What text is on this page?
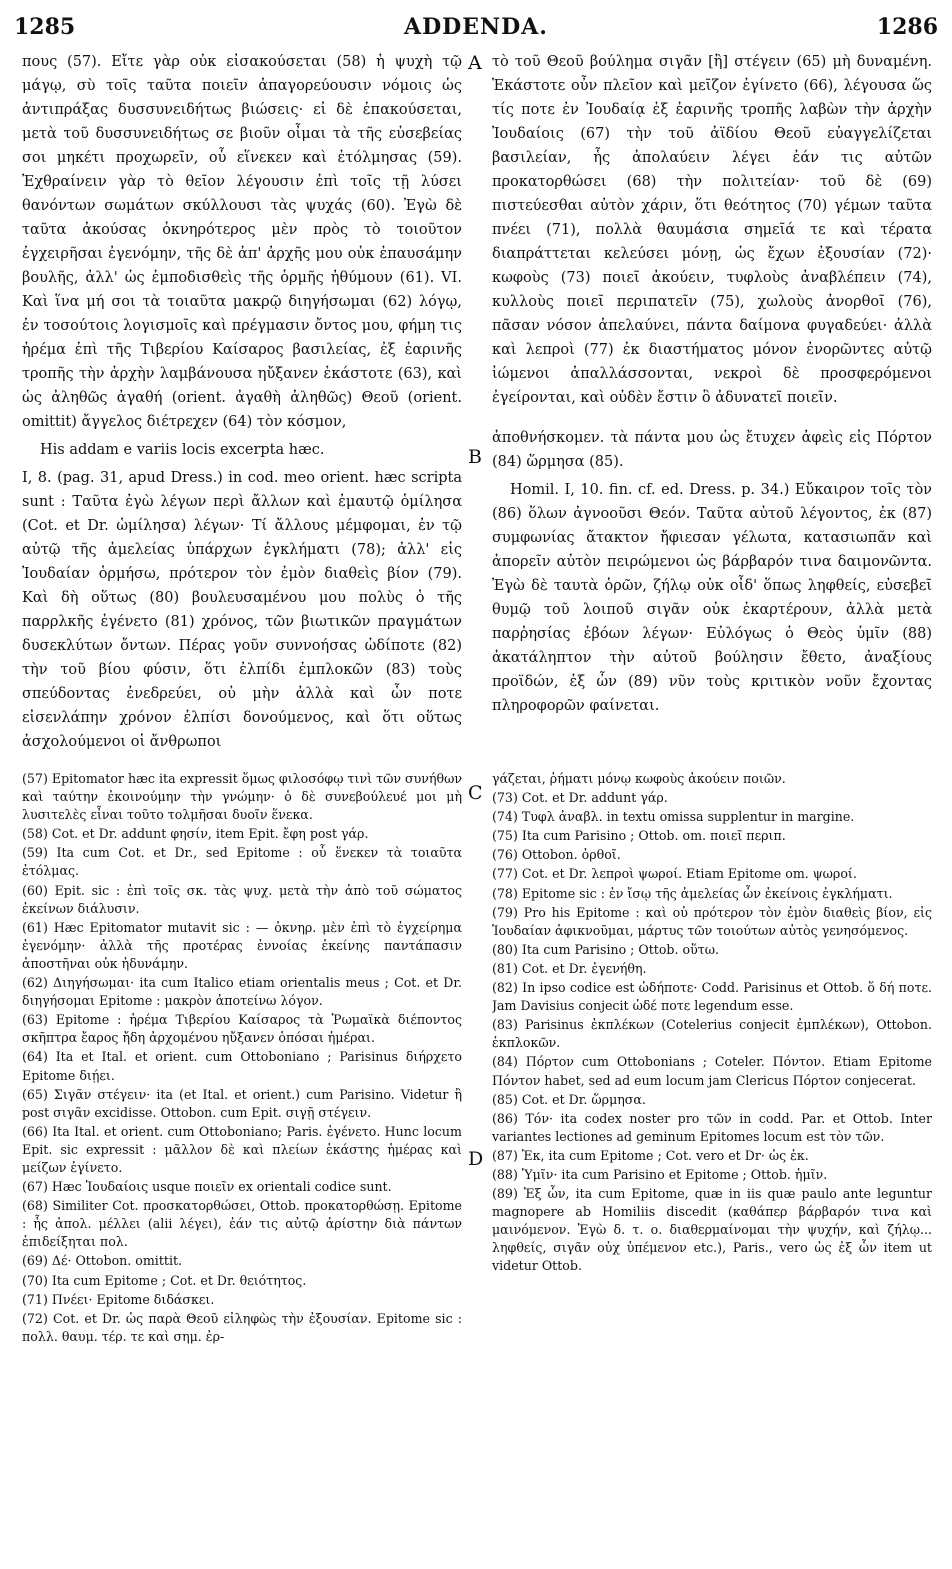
ADDENDA.
1285	1286
A
B
C
D

πους (57). Εἴτε γὰρ οὐκ εἰσακούσεται (58) ἡ ψυχὴ τῷ μάγῳ, σὺ τοῖς ταῦτα ποιεῖν ἀπαγορεύουσιν νόμοις ὡς ἀντιπράξας δυσσυνειδήτως βιώσεις· εἰ δὲ ἐπακούσεται, μετὰ τοῦ δυσσυνειδήτως σε βιοῦν οἶμαι τὰ τῆς εὐσεβείας σοι μηκέτι προχωρεῖν, οὗ εἵνεκεν καὶ ἐτόλμησας (59). Ἐχθραίνειν γὰρ τὸ θεῖον λέγουσιν ἐπὶ τοῖς τῇ λύσει θανόντων σωμάτων σκύλλουσι τὰς ψυχάς (60). Ἐγὼ δὲ ταῦτα ἀκούσας ὀκνηρότερος μὲν πρὸς τὸ τοιοῦτον ἐγχειρῆσαι ἐγενόμην, τῆς δὲ ἀπ' ἀρχῆς μου οὐκ ἐπαυσάμην βουλῆς, ἀλλ' ὡς ἐμποδισθεὶς τῆς ὁρμῆς ἠθύμουν (61). VI. Καὶ ἵνα μή σοι τὰ τοιαῦτα μακρῷ διηγήσωμαι (62) λόγῳ, ἐν τοσούτοις λογισμοῖς καὶ πρέγμασιν ὄντος μου, φήμη τις ἠρέμα ἐπὶ τῆς Τιβερίου Καίσαρος βασιλείας, ἐξ ἐαρινῆς τροπῆς τὴν ἀρχὴν λαμβάνουσα ηὔξανεν ἑκάστοτε (63), καὶ ὡς ἀληθῶς ἀγαθή (orient. ἀγαθὴ ἀληθῶς) Θεοῦ (orient. omittit) ἄγγελος διέτρεχεν (64) τὸν κόσμον,

His addam e variis locis excerpta hæc.

I, 8. (pag. 31, apud Dress.) in cod. meo orient. hæc scripta sunt : Ταῦτα ἐγὼ λέγων περὶ ἄλλων καὶ ἐμαυτῷ ὁμίλησα (Cot. et Dr. ὡμίλησα) λέγων· Τί ἄλλους μέμφομαι, ἐν τῷ αὐτῷ τῆς ἀμελείας ὑπάρχων ἐγκλήματι (78); ἀλλ' εἰς Ἰουδαίαν ὁρμήσω, πρότερον τὸν ἐμὸν διαθεὶς βίον (79). Καὶ δὴ οὕτως (80) βουλευσαμένου μου πολὺς ὁ τῆς παρρλκῆς ἐγένετο (81) χρόνος, τῶν βιωτικῶν πραγμάτων δυσεκλύτων ὄντων. Πέρας γοῦν συννοήσας ὠδίποτε (82) τὴν τοῦ βίου φύσιν, ὅτι ἐλπίδι ἐμπλοκῶν (83) τοὺς σπεύδοντας ἐνεδρεύει, οὐ μὴν ἀλλὰ καὶ ὧν ποτε εἰσενλάπην χρόνον ἐλπίσι δονούμενος, καὶ ὅτι οὕτως ἀσχολούμενοι οἱ ἄνθρωποι

τὸ τοῦ Θεοῦ βούλημα σιγᾶν [ἢ] στέγειν (65) μὴ δυναμένη. Ἑκάστοτε οὖν πλεῖον καὶ μεῖζον ἐγίνετο (66), λέγουσα ὥς τίς ποτε ἐν Ἰουδαίᾳ ἐξ ἐαρινῆς τροπῆς λαβὼν τὴν ἀρχὴν Ἰουδαίοις (67) τὴν τοῦ ἀϊδίου Θεοῦ εὐαγγελίζεται βασιλείαν, ἧς ἀπολαύειν λέγει ἐάν τις αὐτῶν προκατορθώσει (68) τὴν πολιτείαν· τοῦ δὲ (69) πιστεύεσθαι αὐτὸν χάριν, ὅτι θεότητος (70) γέμων ταῦτα πνέει (71), πολλὰ θαυμάσια σημεῖά τε καὶ τέρατα διαπράττεται κελεύσει μόνῃ, ὡς ἔχων ἐξουσίαν (72)· κωφοὺς (73) ποιεῖ ἀκούειν, τυφλοὺς ἀναβλέπειν (74), κυλλοὺς ποιεῖ περιπατεῖν (75), χωλοὺς ἀνορθοῖ (76), πᾶσαν νόσον ἀπελαύνει, πάντα δαίμονα φυγαδεύει· ἀλλὰ καὶ λεπροὶ (77) ἐκ διαστήματος μόνον ἐνορῶντες αὐτῷ ἰώμενοι ἀπαλλάσσονται, νεκροὶ δὲ προσφερόμενοι ἐγείρονται, καὶ οὐδὲν ἔστιν ὃ ἀδυνατεῖ ποιεῖν.

ἀποθνήσκομεν. τὰ πάντα μου ὡς ἔτυχεν ἀφεὶς εἰς Πόρτον (84) ὥρμησα (85).

Homil. I, 10. fin. cf. ed. Dress. p. 34.) Εὔκαιρον τοῖς τὸν (86) ὅλων ἀγνοοῦσι Θεόν. Ταῦτα αὐτοῦ λέγοντος, ἐκ (87) συμφωνίας ἄτακτον ἤφιεσαν γέλωτα, κατασιωπᾶν καὶ ἀπορεῖν αὐτὸν πειρώμενοι ὡς βάρβαρόν τινα δαιμονῶντα. Ἐγὼ δὲ ταυτὰ ὁρῶν, ζήλῳ οὐκ οἶδ' ὅπως ληφθείς, εὐσεβεῖ θυμῷ τοῦ λοιποῦ σιγᾶν οὐκ ἐκαρτέρουν, ἀλλὰ μετὰ παρῥησίας ἐβόων λέγων· Εὐλόγως ὁ Θεὸς ὑμῖν (88) ἀκατάληπτον τὴν αὐτοῦ βούλησιν ἔθετο, ἀναξίους προϊδών, ἐξ ὧν (89) νῦν τοὺς κριτικὸν νοῦν ἔχοντας πληροφορῶν φαίνεται.

(57) Epitomator hæc ita expressit ὅμως φιλοσόφῳ τινὶ τῶν συνήθων καὶ ταύτην ἐκοινούμην τὴν γνώμην· ὁ δὲ συνεβούλευέ μοι μὴ λυσιτελὲς εἶναι τοῦτο τολμῆσαι δυοῖν ἕνεκα.

(58) Cot. et Dr. addunt φησίν, item Epit. ἔφη post γάρ.

(59) Ita cum Cot. et Dr., sed Epitome : οὗ ἕνεκεν τὰ τοιαῦτα ἐτόλμας.

(60) Epit. sic : ἐπὶ τοῖς σκ. τὰς ψυχ. μετὰ τὴν ἀπὸ τοῦ σώματος ἐκείνων διάλυσιν.

(61) Hæc Epitomator mutavit sic : — ὀκνηρ. μὲν ἐπὶ τὸ ἐγχείρημα ἐγενόμην· ἀλλὰ τῆς προτέρας ἐννοίας ἐκείνης παντάπασιν ἀποστῆναι οὐκ ἠδυνάμην.

(62) Διηγήσωμαι· ita cum Italico etiam orientalis meus ; Cot. et Dr. διηγήσομαι Epitome : μακρὸν ἀποτείνω λόγον.

(63) Epitome : ἠρέμα Τιβερίου Καίσαρος τὰ Ῥωμαϊκὰ διέποντος σκῆπτρα ἔαρος ἤδη ἀρχομένου ηὔξανεν ὁπόσαι ἡμέραι.

(64) Ita et Ital. et orient. cum Ottoboniano ; Parisinus διήρχετο Epitome διῄει.

(65) Σιγᾶν στέγειν· ita (et Ital. et orient.) cum Parisino. Videtur ἢ post σιγᾶν excidisse. Ottobon. cum Epit. σιγῇ στέγειν.

(66) Ita Ital. et orient. cum Ottoboniano; Paris. ἐγένετο. Hunc locum Epit. sic expressit : μᾶλλον δὲ καὶ πλείων ἑκάστης ἡμέρας καὶ μείζων ἐγίνετο.

(67) Hæc Ἰουδαίοις usque ποιεῖν ex orientali codice sunt.

(68) Similiter Cot. προσκατορθώσει, Ottob. προκατορθώσῃ. Epitome : ἧς ἀπολ. μέλλει (alii λέγει), ἐάν τις αὐτῷ ἀρίστην διὰ πάντων ἐπιδείξηται πολ.

(69) Δέ· Ottobon. omittit.

(70) Ita cum Epitome ; Cot. et Dr. θειότητος.

(71) Πνέει· Epitome διδάσκει.

(72) Cot. et Dr. ὡς παρὰ Θεοῦ εἰληφὼς τὴν ἐξουσίαν. Epitome sic : πολλ. θαυμ. τέρ. τε καὶ σημ. ἐρ-

γάζεται, ῥήματι μόνῳ κωφοὺς ἀκούειν ποιῶν.

(73) Cot. et Dr. addunt γάρ.

(74) Τυφλ ἀναβλ. in textu omissa supplentur in margine.

(75) Ita cum Parisino ; Ottob. om. ποιεῖ περιπ.

(76) Ottobon. ὀρθοῖ.

(77) Cot. et Dr. λεπροὶ ψωροί. Etiam Epitome om. ψωροί.

(78) Epitome sic : ἐν ἴσῳ τῆς ἀμελείας ὧν ἐκείνοις ἐγκλήματι.

(79) Pro his Epitome : καὶ οὐ πρότερον τὸν ἐμὸν διαθεὶς βίον, εἰς Ἰουδαίαν ἀφικνοῦμαι, μάρτυς τῶν τοιούτων αὐτὸς γενησόμενος.

(80) Ita cum Parisino ; Ottob. οὕτω.

(81) Cot. et Dr. ἐγενήθη.

(82) In ipso codice est ὠδήποτε· Codd. Parisinus et Ottob. ὅ δή ποτε. Jam Davisius conjecit ὡδέ ποτε legendum esse.

(83) Parisinus ἐκπλέκων (Cotelerius conjecit ἐμπλέκων), Ottobon. ἐκπλοκῶν.

(84) Πόρτον cum Ottobonians ; Coteler. Πόντον. Etiam Epitome Πόντον habet, sed ad eum locum jam Clericus Πόρτον conjecerat.

(85) Cot. et Dr. ὥρμησα.

(86) Τόν· ita codex noster pro τῶν in codd. Par. et Ottob. Inter variantes lectiones ad geminum Epitomes locum est τὸν τῶν.

(87) Ἐκ, ita cum Epitome ; Cot. vero et Dr· ὡς ἐκ.

(88) Ὑμῖν· ita cum Parisino et Epitome ; Ottob. ἡμῖν.

(89) Ἐξ ὧν, ita cum Epitome, quæ in iis quæ paulo ante leguntur magnopere ab Homiliis discedit (καθάπερ βάρβαρόν τινα καὶ μαινόμενον. Ἐγὼ δ. τ. ο. διαθερμαίνομαι τὴν ψυχήν, καὶ ζήλῳ... ληφθείς, σιγᾶν οὐχ ὑπέμενον etc.), Paris., vero ὡς ἐξ ὧν item ut videtur Ottob.
